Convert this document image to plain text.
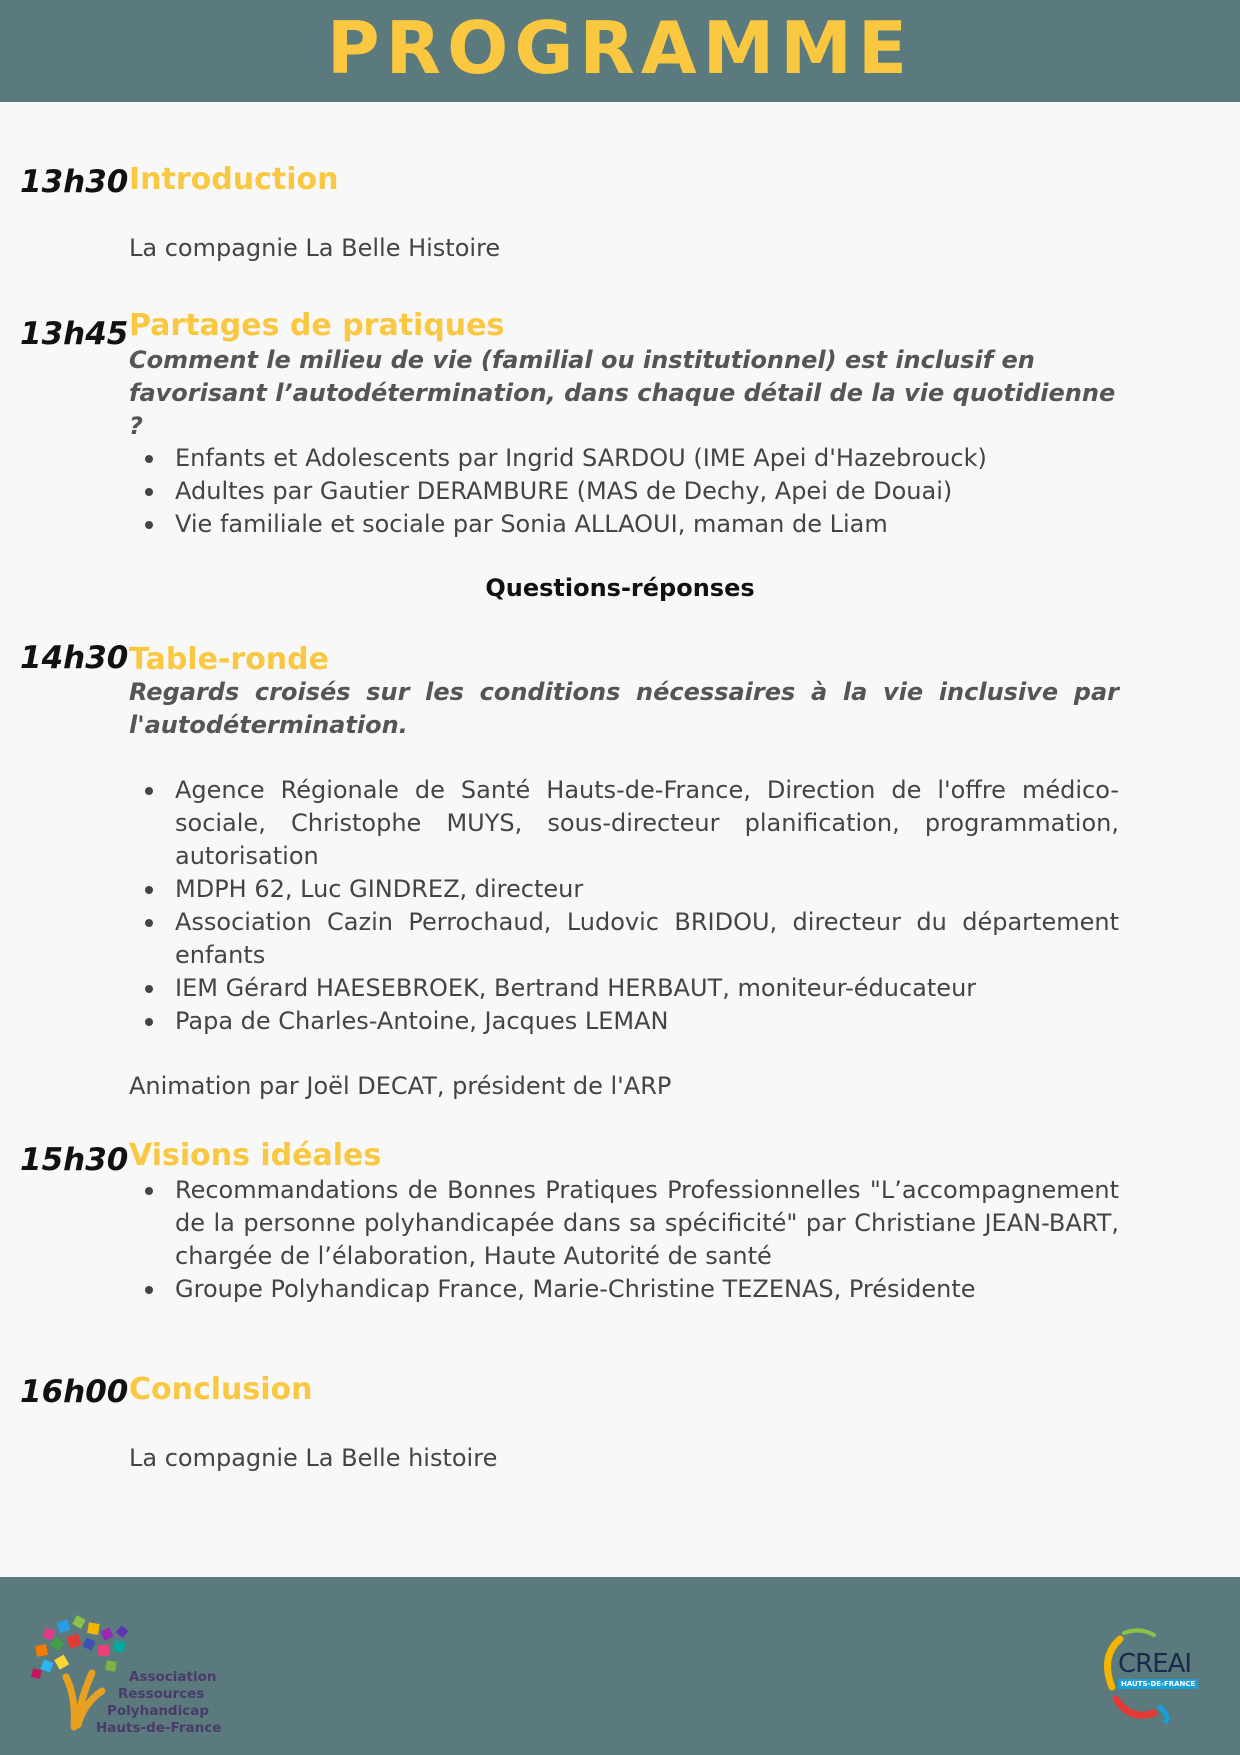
PROGRAMME
13h30 Introduction
La compagnie La Belle Histoire
13h45 Partages de pratiques
Comment le milieu de vie (familial ou institutionnel) est inclusif en favorisant l’autodétermination, dans chaque détail de la vie quotidienne ?
Enfants et Adolescents par Ingrid SARDOU (IME Apei d'Hazebrouck)
Adultes par Gautier DERAMBURE (MAS de Dechy, Apei de Douai)
Vie familiale et sociale par Sonia ALLAOUI, maman de Liam
Questions-réponses
14h30 Table-ronde
Regards croisés sur les conditions nécessaires à la vie inclusive par l'autodétermination.
Agence Régionale de Santé Hauts-de-France, Direction de l'offre médico-sociale, Christophe MUYS, sous-directeur planification, programmation, autorisation
MDPH 62, Luc GINDREZ, directeur
Association Cazin Perrochaud, Ludovic BRIDOU, directeur du département enfants
IEM Gérard HAESEBROEK, Bertrand HERBAUT, moniteur-éducateur
Papa de Charles-Antoine, Jacques LEMAN
Animation par Joël DECAT, président de l'ARP
15h30 Visions idéales
Recommandations de Bonnes Pratiques Professionnelles "L’accompagnement de la personne polyhandicapée dans sa spécificité" par Christiane JEAN-BART, chargée de l’élaboration, Haute Autorité de santé
Groupe Polyhandicap France, Marie-Christine TEZENAS, Présidente
16h00 Conclusion
La compagnie La Belle histoire
Association
Ressources
Polyhandicap
Hauts-de-France
CREAI
HAUTS-DE-FRANCE
